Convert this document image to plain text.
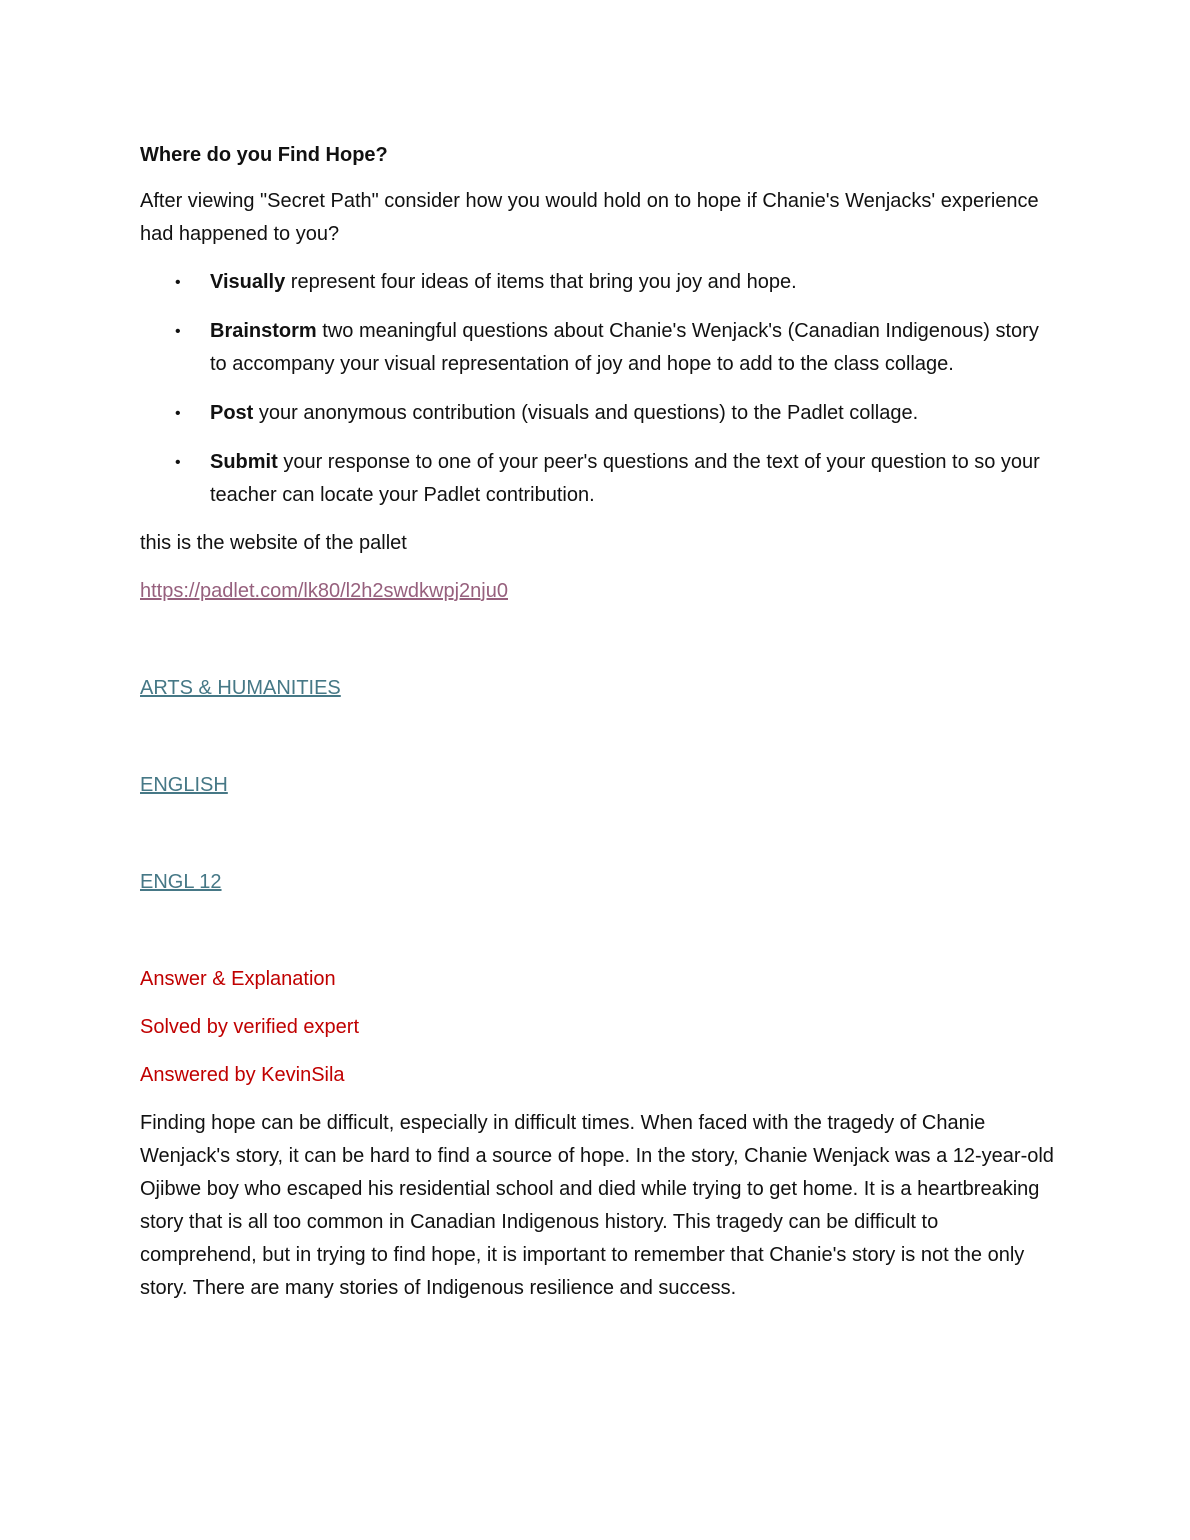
Where do you Find Hope?
After viewing "Secret Path" consider how you would hold on to hope if Chanie's Wenjacks' experience had happened to you?
• Visually represent four ideas of items that bring you joy and hope.
• Brainstorm two meaningful questions about Chanie's Wenjack's (Canadian Indigenous) story to accompany your visual representation of joy and hope to add to the class collage.
• Post your anonymous contribution (visuals and questions) to the Padlet collage.
• Submit your response to one of your peer's questions and the text of your question to so your teacher can locate your Padlet contribution.
this is the website of the pallet
https://padlet.com/lk80/l2h2swdkwpj2nju0
ARTS & HUMANITIES
ENGLISH
ENGL 12
Answer & Explanation
Solved by verified expert
Answered by KevinSila
Finding hope can be difficult, especially in difficult times. When faced with the tragedy of Chanie Wenjack's story, it can be hard to find a source of hope. In the story, Chanie Wenjack was a 12-year-old Ojibwe boy who escaped his residential school and died while trying to get home. It is a heartbreaking story that is all too common in Canadian Indigenous history. This tragedy can be difficult to comprehend, but in trying to find hope, it is important to remember that Chanie's story is not the only story. There are many stories of Indigenous resilience and success.
